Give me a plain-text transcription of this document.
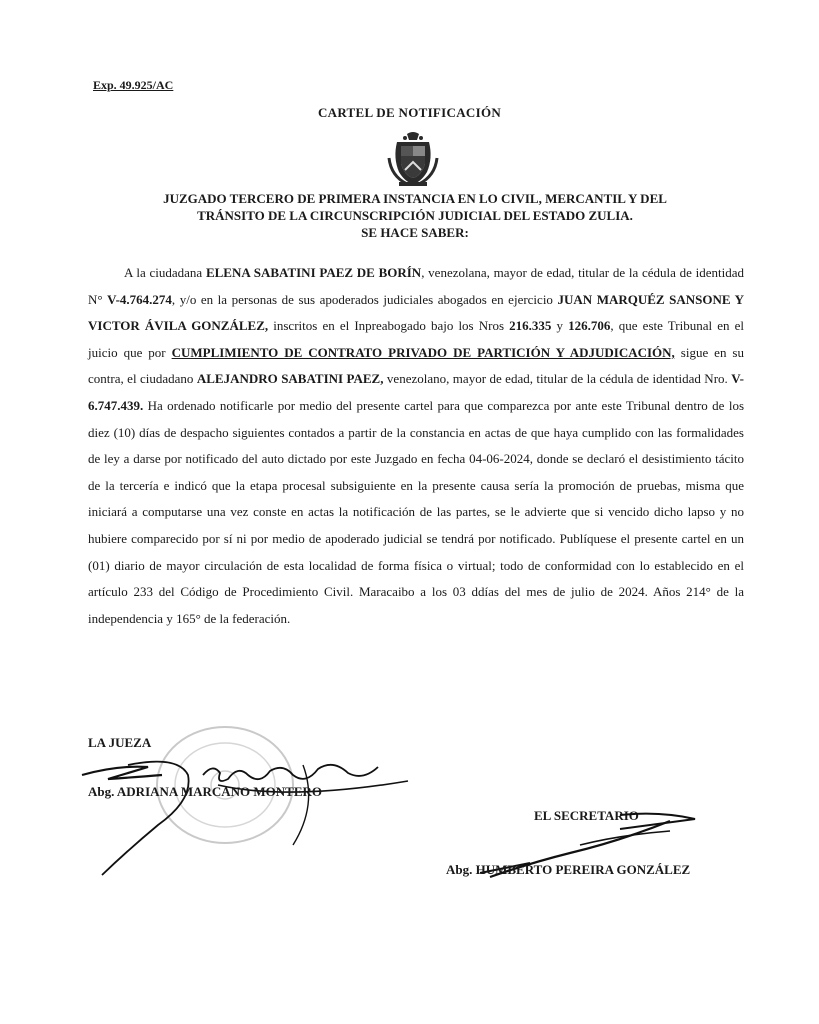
Exp. 49.925/AC
CARTEL DE NOTIFICACIÓN
JUZGADO TERCERO DE PRIMERA INSTANCIA EN LO CIVIL, MERCANTIL Y DEL
TRÁNSITO DE LA CIRCUNSCRIPCIÓN JUDICIAL DEL ESTADO ZULIA.
SE HACE SABER:
A la ciudadana ELENA SABATINI PAEZ DE BORÍN, venezolana, mayor de edad, titular de la cédula de identidad N° V-4.764.274, y/o en la personas de sus apoderados judiciales abogados en ejercicio JUAN MARQUÉZ SANSONE Y VICTOR ÁVILA GONZÁLEZ, inscritos en el Inpreabogado bajo los Nros 216.335 y 126.706, que este Tribunal en el juicio que por CUMPLIMIENTO DE CONTRATO PRIVADO DE PARTICIÓN Y ADJUDICACIÓN, sigue en su contra, el ciudadano ALEJANDRO SABATINI PAEZ, venezolano, mayor de edad, titular de la cédula de identidad Nro. V- 6.747.439. Ha ordenado notificarle por medio del presente cartel para que comparezca por ante este Tribunal dentro de los diez (10) días de despacho siguientes contados a partir de la constancia en actas de que haya cumplido con las formalidades de ley a darse por notificado del auto dictado por este Juzgado en fecha 04-06-2024, donde se declaró el desistimiento tácito de la tercería e indicó que la etapa procesal subsiguiente en la presente causa sería la promoción de pruebas, misma que iniciará a computarse una vez conste en actas la notificación de las partes, se le advierte que si vencido dicho lapso y no hubiere comparecido por sí ni por medio de apoderado judicial se tendrá por notificado. Publíquese el presente cartel en un (01) diario de mayor circulación de esta localidad de forma física o virtual; todo de conformidad con lo establecido en el artículo 233 del Código de Procedimiento Civil. Maracaibo a los 03 ddías del mes de julio de 2024. Años 214° de la independencia y 165° de la federación.
LA JUEZA
Abg. ADRIANA MARCANO MONTERO
EL SECRETARIO
Abg. HUMBERTO PEREIRA GONZÁLEZ
